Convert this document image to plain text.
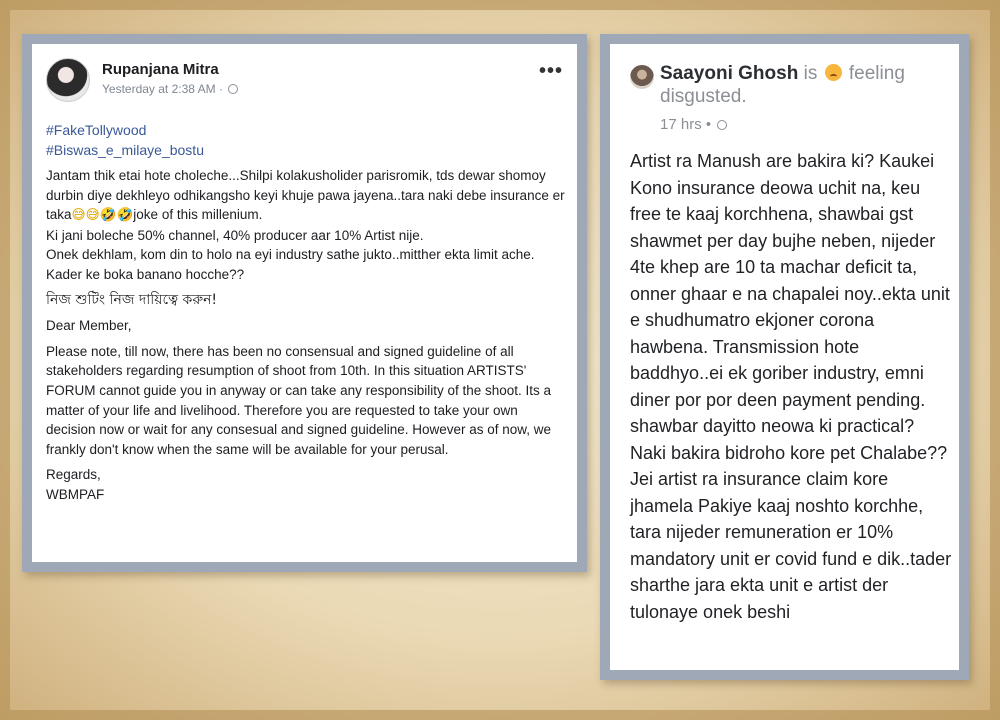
Rupanjana Mitra
Yesterday at 2:38 AM ·
•••
#FakeTollywood
#Biswas_e_milaye_bostu

Jantam thik etai hote choleche...Shilpi kolakusholider parisromik, tds dewar shomoy durbin diye dekhleyo odhikangsho keyi khuje pawa jayena..tara naki debe insurance er taka😅😅🤣🤣joke of this millenium.
Ki jani boleche 50% channel, 40% producer aar 10% Artist nije.
Onek dekhlam, kom din to holo na eyi industry sathe jukto..mitther ekta limit ache. Kader ke boka banano hocche??

নিজ শুটিং নিজ দায়িত্বে করুন!

Dear Member,

Please note, till now, there has been no consensual and signed guideline of all stakeholders regarding resumption of shoot from 10th. In this situation ARTISTS' FORUM cannot guide you in anyway or can take any responsibility of the shoot. Its a matter of your life and livelihood. Therefore you are requested to take your own decision now or wait for any consesual and signed guideline. However as of now, we frankly don't know when the same will be available for your perusal.

Regards,
WBMPAF

Saayoni Ghosh is feeling disgusted.
17 hrs •
Artist ra Manush are bakira ki? Kaukei Kono insurance deowa uchit na, keu free te kaaj korchhena, shawbai gst shawmet per day bujhe neben, nijeder 4te khep are 10 ta machar deficit ta, onner ghaar e na chapalei noy..ekta unit e shudhumatro ekjoner corona hawbena. Transmission hote baddhyo..ei ek goriber industry, emni diner por por deen payment pending. shawbar dayitto neowa ki practical? Naki bakira bidroho kore pet Chalabe?? Jei artist ra insurance claim kore jhamela Pakiye kaaj noshto korchhe, tara nijeder remuneration er 10% mandatory unit er covid fund e dik..tader sharthe jara ekta unit e artist der tulonaye onek beshi
